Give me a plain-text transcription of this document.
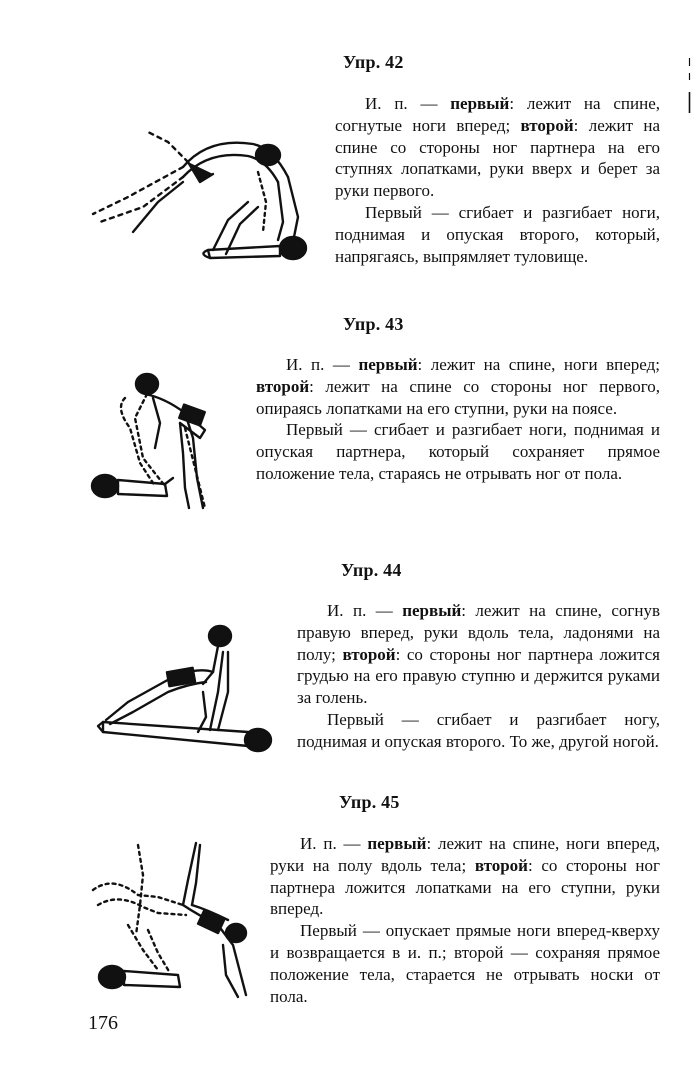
Упр. 42

И. п. — первый: лежит на спине, согнутые ноги вперед; второй: лежит на спине со стороны ног партнера на его ступнях лопатками, руки вверх и берет за руки первого.

Первый — сгибает и разгибает ноги, поднимая и опуская второго, который, напрягаясь, выпрямляет туловище.

Упр. 43

И. п. — первый: лежит на спине, ноги вперед; второй: лежит на спине со стороны ног первого, опираясь лопатками на его ступни, руки на поясе.

Первый — сгибает и разгибает ноги, поднимая и опуская партнера, который сохраняет прямое положение тела, стараясь не отрывать ног от пола.

Упр. 44

И. п. — первый: лежит на спине, согнув правую вперед, руки вдоль тела, ладонями на полу; второй: со стороны ног партнера ложится грудью на его правую ступню и держится руками за голень.

Первый — сгибает и разгибает ногу, поднимая и опуская второго. То же, другой ногой.

Упр. 45

И. п. — первый: лежит на спине, ноги вперед, руки на полу вдоль тела; второй: со стороны ног партнера ложится лопатками на его ступни, руки вперед.

Первый — опускает прямые ноги вперед-кверху и возвращается в и. п.; второй — сохраняя прямое положение тела, старается не отрывать носки от пола.

176
